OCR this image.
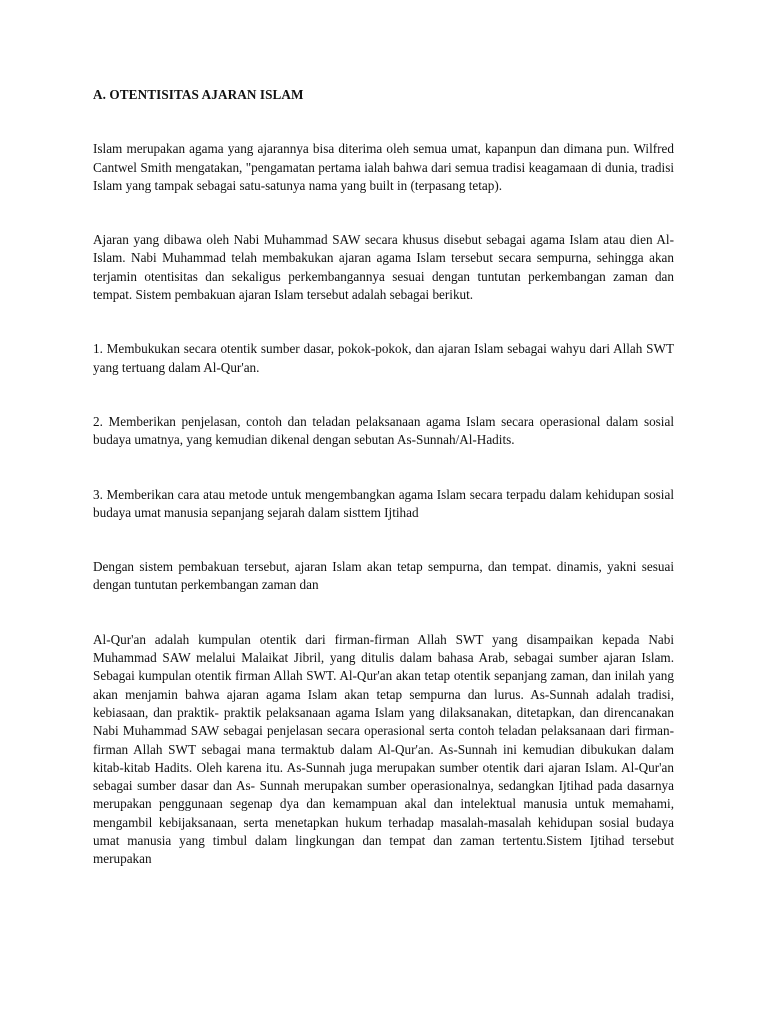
A. OTENTISITAS AJARAN ISLAM

Islam merupakan agama yang ajarannya bisa diterima oleh semua umat, kapanpun dan dimana pun. Wilfred Cantwel Smith mengatakan, "pengamatan pertama ialah bahwa dari semua tradisi keagamaan di dunia, tradisi Islam yang tampak sebagai satu-satunya nama yang built in (terpasang tetap).

Ajaran yang dibawa oleh Nabi Muhammad SAW secara khusus disebut sebagai agama Islam atau dien Al-Islam. Nabi Muhammad telah membakukan ajaran agama Islam tersebut secara sempurna, sehingga akan terjamin otentisitas dan sekaligus perkembangannya sesuai dengan tuntutan perkembangan zaman dan tempat. Sistem pembakuan ajaran Islam tersebut adalah sebagai berikut.

1. Membukukan secara otentik sumber dasar, pokok-pokok, dan ajaran Islam sebagai wahyu dari Allah SWT yang tertuang dalam Al-Qur'an.

2. Memberikan penjelasan, contoh dan teladan pelaksanaan agama Islam secara operasional dalam sosial budaya umatnya, yang kemudian dikenal dengan sebutan As-Sunnah/Al-Hadits.

3. Memberikan cara atau metode untuk mengembangkan agama Islam secara terpadu dalam kehidupan sosial budaya umat manusia sepanjang sejarah dalam sisttem Ijtihad

Dengan sistem pembakuan tersebut, ajaran Islam akan tetap sempurna, dan tempat. dinamis, yakni sesuai dengan tuntutan perkembangan zaman dan

Al-Qur'an adalah kumpulan otentik dari firman-firman Allah SWT yang disampaikan kepada Nabi Muhammad SAW melalui Malaikat Jibril, yang ditulis dalam bahasa Arab, sebagai sumber ajaran Islam. Sebagai kumpulan otentik firman Allah SWT. Al-Qur'an akan tetap otentik sepanjang zaman, dan inilah yang akan menjamin bahwa ajaran agama Islam akan tetap sempurna dan lurus. As-Sunnah adalah tradisi, kebiasaan, dan praktik- praktik pelaksanaan agama Islam yang dilaksanakan, ditetapkan, dan direncanakan Nabi Muhammad SAW sebagai penjelasan secara operasional serta contoh teladan pelaksanaan dari firman-firman Allah SWT sebagai mana termaktub dalam Al-Qur'an. As-Sunnah ini kemudian dibukukan dalam kitab-kitab Hadits. Oleh karena itu. As-Sunnah juga merupakan sumber otentik dari ajaran Islam. Al-Qur'an sebagai sumber dasar dan As- Sunnah merupakan sumber operasionalnya, sedangkan Ijtihad pada dasarnya merupakan penggunaan segenap dya dan kemampuan akal dan intelektual manusia untuk memahami, mengambil kebijaksanaan, serta menetapkan hukum terhadap masalah-masalah kehidupan sosial budaya umat manusia yang timbul dalam lingkungan dan tempat dan zaman tertentu.Sistem Ijtihad tersebut merupakan
